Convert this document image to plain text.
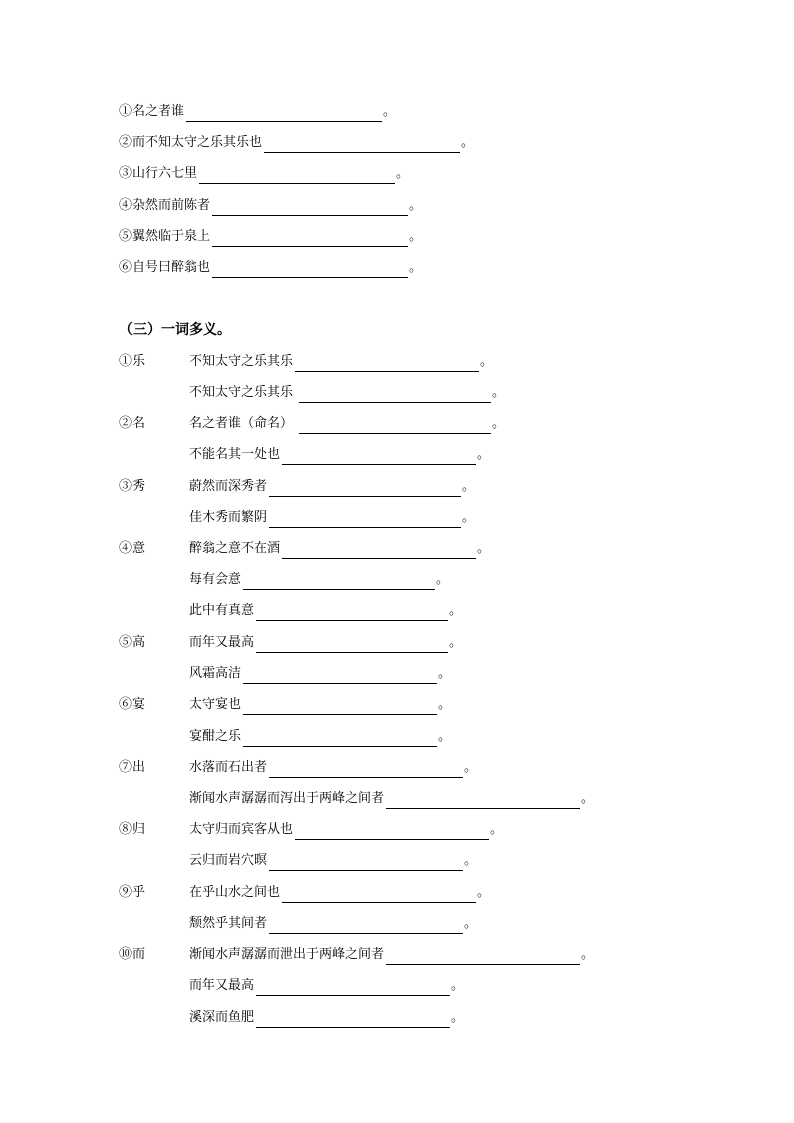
①名之者谁	。
②而不知太守之乐其乐也	。
③山行六七里	。
④杂然而前陈者	。
⑤翼然临于泉上	。
⑥自号曰醉翁也	。
（三）一词多义。
①乐	不知太守之乐其乐	。
不知太守之乐其乐	。
②名	名之者谁（命名）	。
不能名其一处也	。
③秀	蔚然而深秀者	。
佳木秀而繁阴	。
④意	醉翁之意不在酒	。
每有会意	。
此中有真意	。
⑤高	而年又最高	。
风霜高洁	。
⑥宴	太守宴也	。
宴酣之乐	。
⑦出	水落而石出者	。
渐闻水声潺潺而泻出于两峰之间者	。
⑧归	太守归而宾客从也	。
云归而岩穴暝	。
⑨乎	在乎山水之间也	。
颓然乎其间者	。
⑩而	渐闻水声潺潺而泄出于两峰之间者	。
而年又最高	。
溪深而鱼肥	。
